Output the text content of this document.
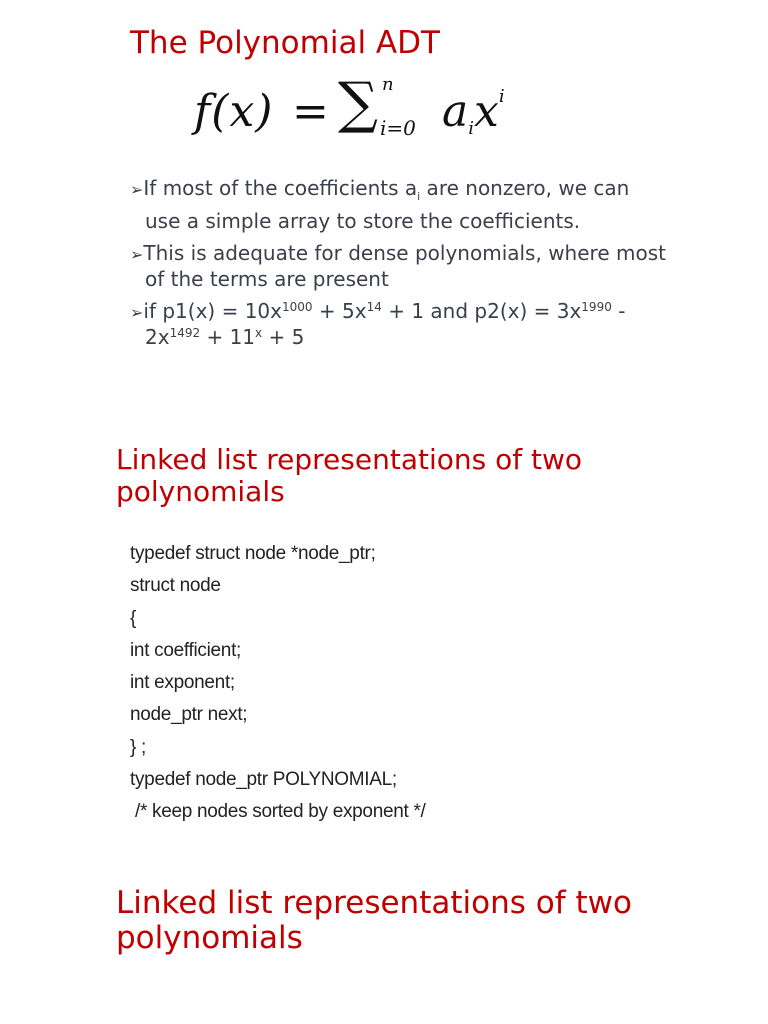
The Polynomial ADT
f(x) = ∑ n
i=0 aix$^i$
➢If most of the coefficients $a_i$ are nonzero, we can use a simple array to store the coefficients.
➢This is adequate for dense polynomials, where most of the terms are present
➢if $p1(x) = 10x^{1000} + 5x^{14} + 1$ and $p2(x) = 3x^{1990} - 2x^{1492} + 11^x + 5$
Linked list representations of two polynomials
typedef struct node *node_ptr;
struct node
{
int coefficient;
int exponent;
node_ptr next;
} ;
typedef node_ptr POLYNOMIAL;
/* keep nodes sorted by exponent */
Linked list representations of two polynomials
